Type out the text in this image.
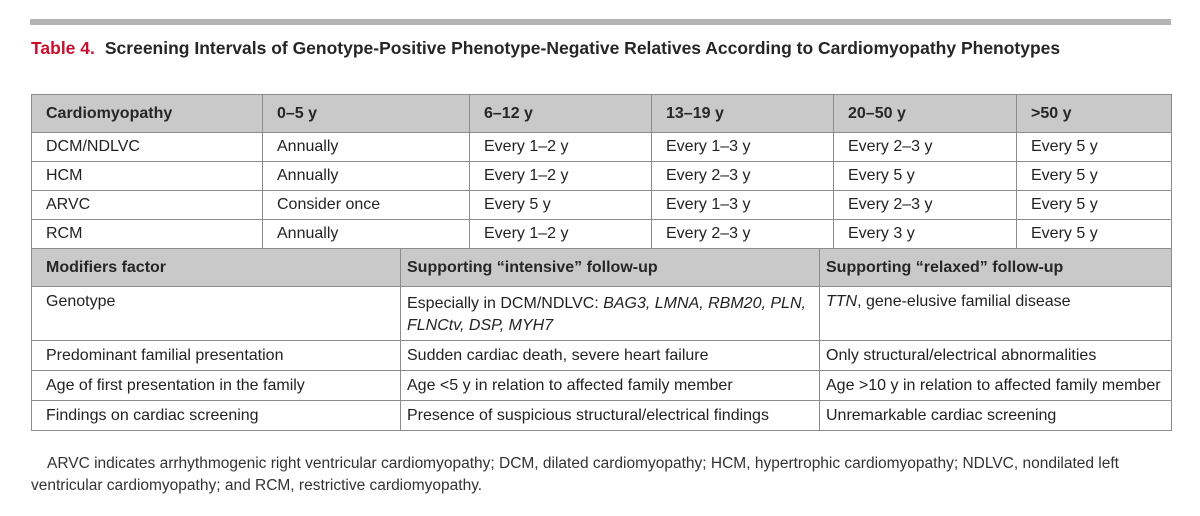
Table 4. Screening Intervals of Genotype-Positive Phenotype-Negative Relatives According to Cardiomyopathy Phenotypes
Cardiomyopathy	0–5 y	6–12 y	13–19 y	20–50 y	>50 y
DCM/NDLVC	Annually	Every 1–2 y	Every 1–3 y	Every 2–3 y	Every 5 y
HCM	Annually	Every 1–2 y	Every 2–3 y	Every 5 y	Every 5 y
ARVC	Consider once	Every 5 y	Every 1–3 y	Every 2–3 y	Every 5 y
RCM	Annually	Every 1–2 y	Every 2–3 y	Every 3 y	Every 5 y
Modifiers factor	Supporting “intensive” follow-up	Supporting “relaxed” follow-up
Genotype	Especially in DCM/NDLVC: BAG3, LMNA, RBM20, PLN, FLNCtv, DSP, MYH7	TTN, gene-elusive familial disease
Predominant familial presentation	Sudden cardiac death, severe heart failure	Only structural/electrical abnormalities
Age of first presentation in the family	Age <5 y in relation to affected family member	Age >10 y in relation to affected family member
Findings on cardiac screening	Presence of suspicious structural/electrical findings	Unremarkable cardiac screening
ARVC indicates arrhythmogenic right ventricular cardiomyopathy; DCM, dilated cardiomyopathy; HCM, hypertrophic cardiomyopathy; NDLVC, nondilated left ventricular cardiomyopathy; and RCM, restrictive cardiomyopathy.
